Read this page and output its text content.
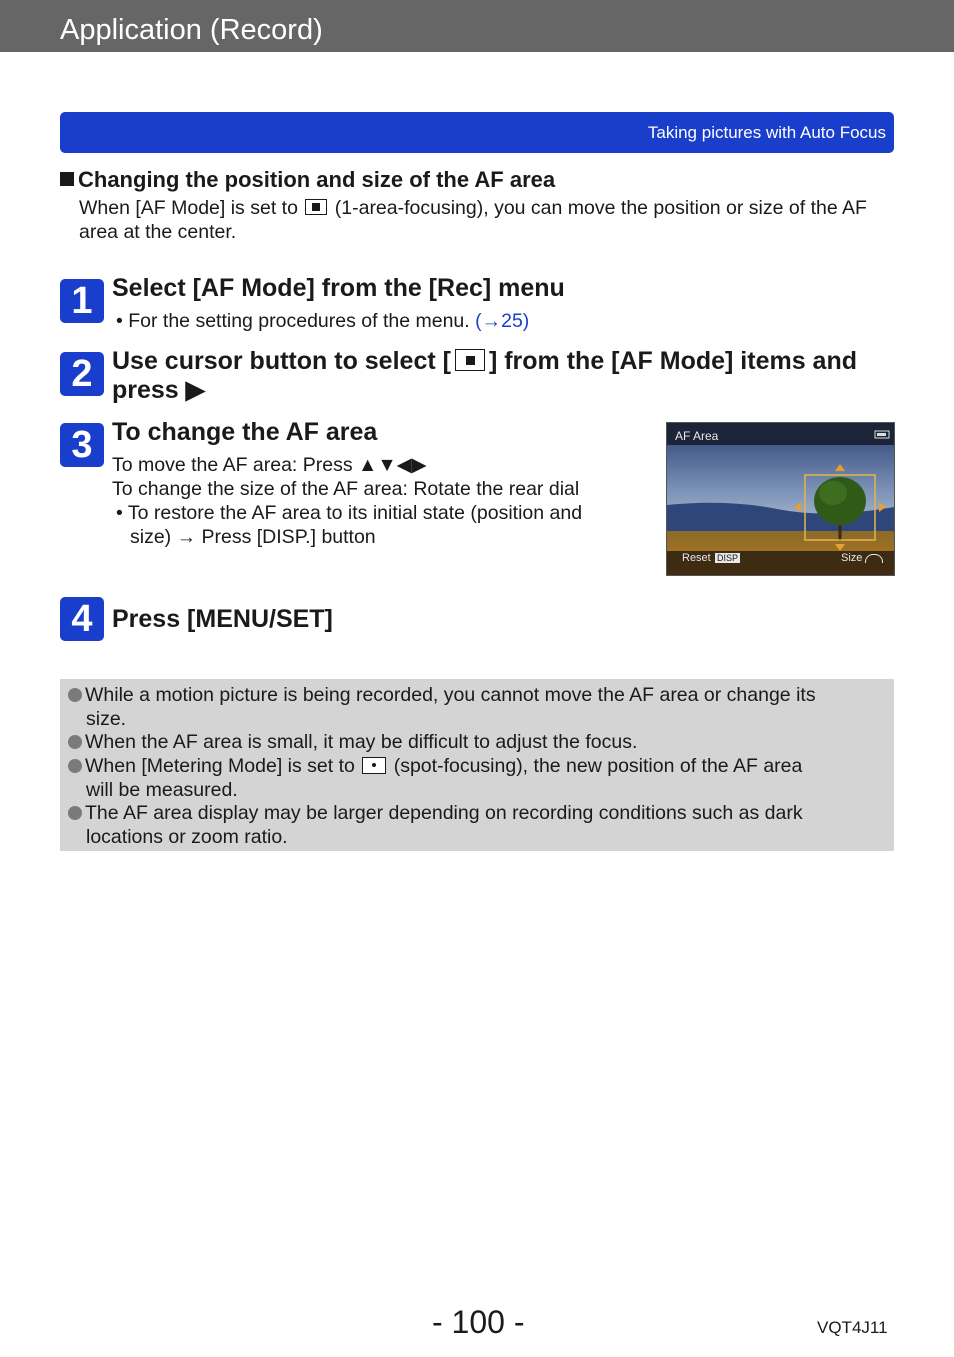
Application (Record)
Taking pictures with Auto Focus
Changing the position and size of the AF area
When [AF Mode] is set to (1-area-focusing), you can move the position or size of the AF area at the center.
1 Select [AF Mode] from the [Rec] menu
• For the setting procedures of the menu. (→25)
2 Use cursor button to select [ ] from the [AF Mode] items and press ▶
3 To change the AF area
To move the AF area: Press ▲▼◀▶
To change the size of the AF area: Rotate the rear dial
• To restore the AF area to its initial state (position and
size) → Press [DISP.] button
AF Area
Reset DISP	Size
4 Press [MENU/SET]
While a motion picture is being recorded, you cannot move the AF area or change its
size.
When the AF area is small, it may be difficult to adjust the focus.
When [Metering Mode] is set to (spot-focusing), the new position of the AF area
will be measured.
The AF area display may be larger depending on recording conditions such as dark
locations or zoom ratio.
- 100 -	VQT4J11
